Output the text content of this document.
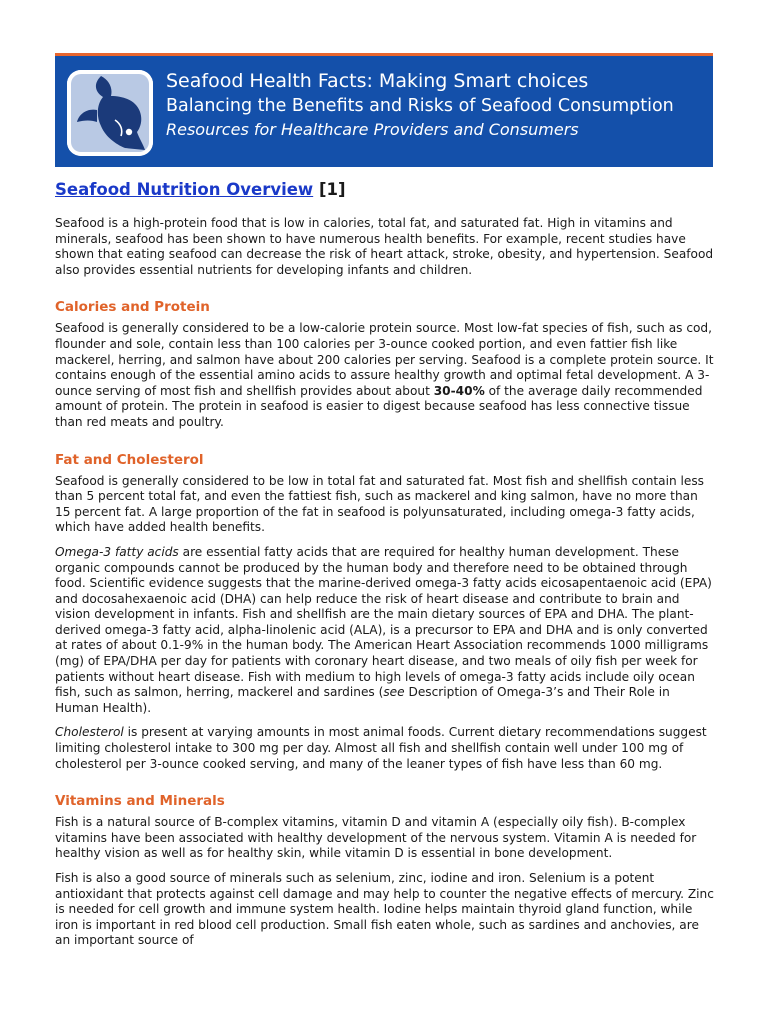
Seafood Health Facts: Making Smart choices
Balancing the Benefits and Risks of Seafood Consumption
Resources for Healthcare Providers and Consumers
Seafood Nutrition Overview [1]

Seafood is a high-protein food that is low in calories, total fat, and saturated fat. High in vitamins and minerals, seafood has been shown to have numerous health benefits. For example, recent studies have shown that eating seafood can decrease the risk of heart attack, stroke, obesity, and hypertension. Seafood also provides essential nutrients for developing infants and children.

Calories and Protein

Seafood is generally considered to be a low-calorie protein source. Most low-fat species of fish, such as cod, flounder and sole, contain less than 100 calories per 3-ounce cooked portion, and even fattier fish like mackerel, herring, and salmon have about 200 calories per serving. Seafood is a complete protein source. It contains enough of the essential amino acids to assure healthy growth and optimal fetal development. A 3-ounce serving of most fish and shellfish provides about about 30-40% of the average daily recommended amount of protein. The protein in seafood is easier to digest because seafood has less connective tissue than red meats and poultry.

Fat and Cholesterol

Seafood is generally considered to be low in total fat and saturated fat. Most fish and shellfish contain less than 5 percent total fat, and even the fattiest fish, such as mackerel and king salmon, have no more than 15 percent fat. A large proportion of the fat in seafood is polyunsaturated, including omega-3 fatty acids, which have added health benefits.

Omega-3 fatty acids are essential fatty acids that are required for healthy human development. These organic compounds cannot be produced by the human body and therefore need to be obtained through food. Scientific evidence suggests that the marine-derived omega-3 fatty acids eicosapentaenoic acid (EPA) and docosahexaenoic acid (DHA) can help reduce the risk of heart disease and contribute to brain and vision development in infants. Fish and shellfish are the main dietary sources of EPA and DHA. The plant-derived omega-3 fatty acid, alpha-linolenic acid (ALA), is a precursor to EPA and DHA and is only converted at rates of about 0.1-9% in the human body. The American Heart Association recommends 1000 milligrams (mg) of EPA/DHA per day for patients with coronary heart disease, and two meals of oily fish per week for patients without heart disease. Fish with medium to high levels of omega-3 fatty acids include oily ocean fish, such as salmon, herring, mackerel and sardines (see Description of Omega-3’s and Their Role in Human Health).

Cholesterol is present at varying amounts in most animal foods. Current dietary recommendations suggest limiting cholesterol intake to 300 mg per day. Almost all fish and shellfish contain well under 100 mg of cholesterol per 3-ounce cooked serving, and many of the leaner types of fish have less than 60 mg.

Vitamins and Minerals

Fish is a natural source of B-complex vitamins, vitamin D and vitamin A (especially oily fish). B-complex vitamins have been associated with healthy development of the nervous system. Vitamin A is needed for healthy vision as well as for healthy skin, while vitamin D is essential in bone development.

Fish is also a good source of minerals such as selenium, zinc, iodine and iron. Selenium is a potent antioxidant that protects against cell damage and may help to counter the negative effects of mercury. Zinc is needed for cell growth and immune system health. Iodine helps maintain thyroid gland function, while iron is important in red blood cell production. Small fish eaten whole, such as sardines and anchovies, are an important source of
